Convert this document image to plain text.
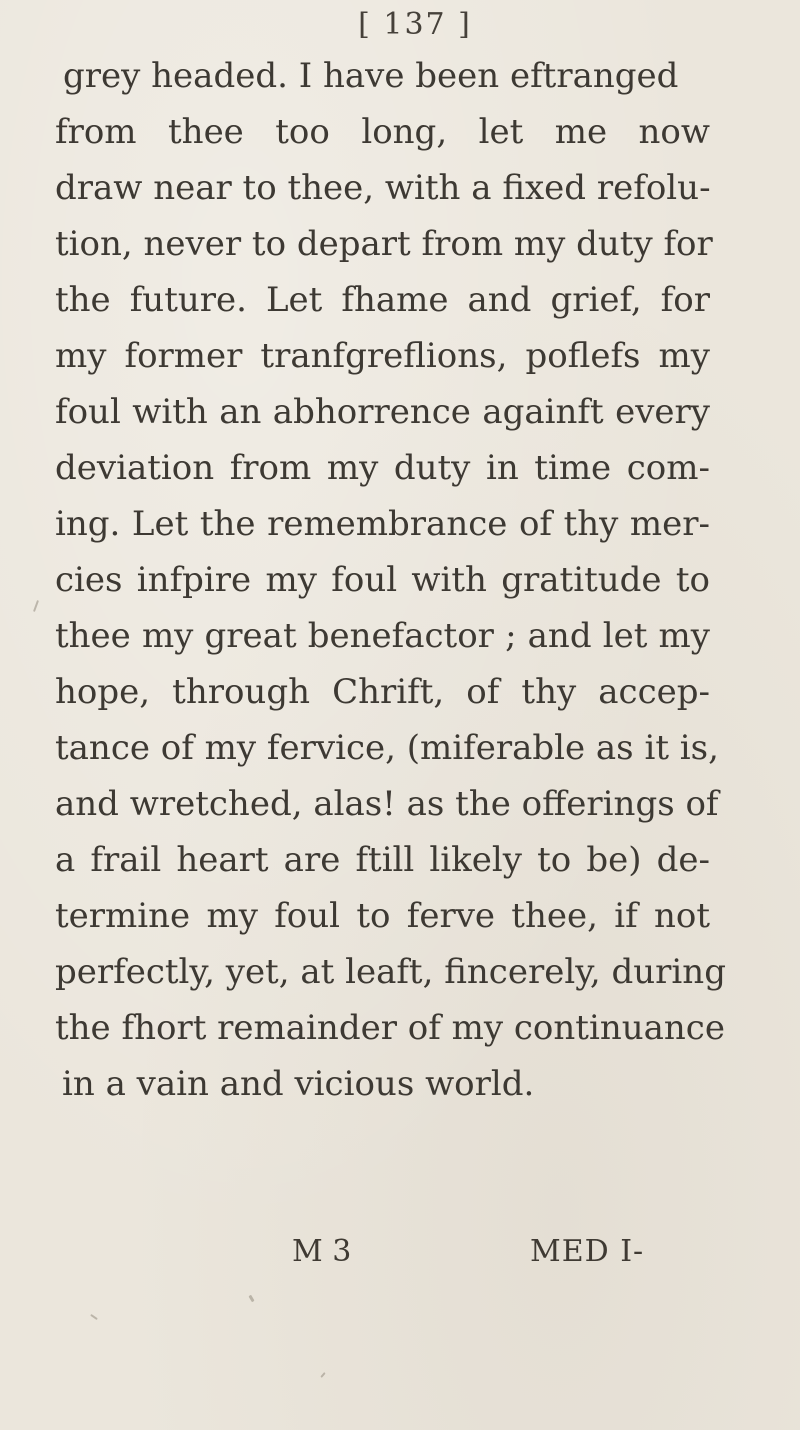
[ 137 ]
grey headed. I have been eftranged
from thee too long, let me now
draw near to thee, with a fixed refolu-
tion, never to depart from my duty for
the future. Let fhame and grief, for
my former tranfgreflions, poflefs my
foul with an abhorrence againft every
deviation from my duty in time com-
ing. Let the remembrance of thy mer-
cies infpire my foul with gratitude to
thee my great benefactor ; and let my
hope, through Chrift, of thy accep-
tance of my fervice, (miferable as it is,
and wretched, alas! as the offerings of
a frail heart are ftill likely to be) de-
termine my foul to ferve thee, if not
perfectly, yet, at leaft, fincerely, during
the fhort remainder of my continuance
in a vain and vicious world.
M 3	MED I-
